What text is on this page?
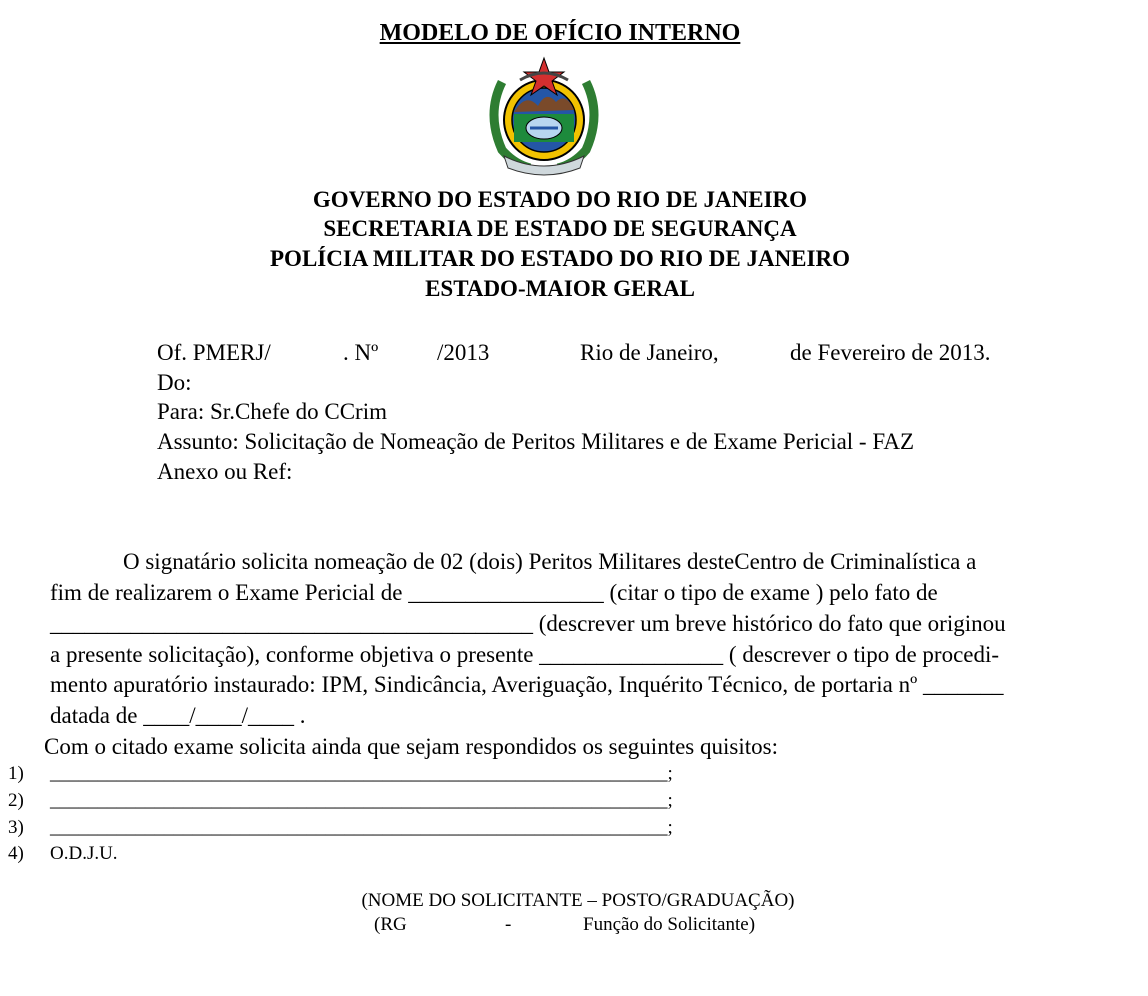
MODELO DE OFÍCIO INTERNO
GOVERNO DO ESTADO DO RIO DE JANEIRO
SECRETARIA DE ESTADO DE SEGURANÇA
POLÍCIA MILITAR DO ESTADO DO RIO DE JANEIRO
ESTADO-MAIOR GERAL
Of. PMERJ/	. Nº	/2013	Rio de Janeiro,	de Fevereiro de 2013.
Do:
Para: Sr.Chefe do CCrim
Assunto: Solicitação de Nomeação de Peritos Militares e de Exame Pericial - FAZ
Anexo ou Ref:
O signatário solicita nomeação de 02 (dois) Peritos Militares desteCentro de Criminalística a
fim de realizarem o Exame Pericial de _________________ (citar o tipo de exame ) pelo fato de
__________________________________________ (descrever um breve histórico do fato que originou
a presente solicitação), conforme objetiva o presente ________________ ( descrever o tipo de procedi-
mento apuratório instaurado: IPM, Sindicância, Averiguação, Inquérito Técnico, de portaria nº _______
datada de ____/____/____ .
Com o citado exame solicita ainda que sejam respondidos os seguintes quisitos:
1) _________________________________________________________________;
2) _________________________________________________________________;
3) _________________________________________________________________;
4) O.D.J.U.
(NOME DO SOLICITANTE – POSTO/GRADUAÇÃO)
(RG	-	Função do Solicitante)
